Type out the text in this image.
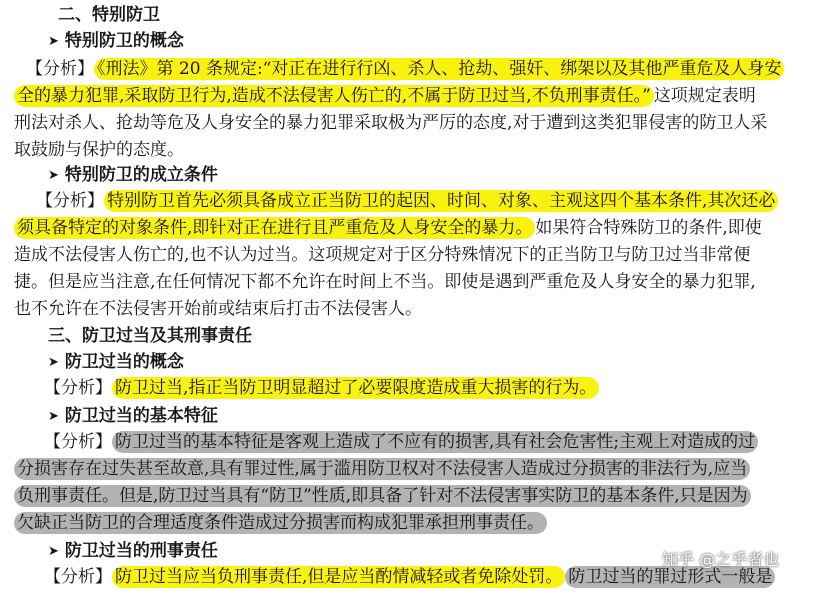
二、特别防卫
➤ 特别防卫的概念
【分析】 《刑法》第 20 条规定:“对正在进行行凶、杀人、抢劫、强奸、绑架以及其他严重危及人身安
全的暴力犯罪,采取防卫行为,造成不法侵害人伤亡的,不属于防卫过当,不负刑事责任。” 这项规定表明
刑法对杀人、抢劫等危及人身安全的暴力犯罪采取极为严厉的态度,对于遭到这类犯罪侵害的防卫人采
取鼓励与保护的态度。
➤ 特别防卫的成立条件
【分析】 特别防卫首先必须具备成立正当防卫的起因、时间、对象、主观这四个基本条件,其次还必
须具备特定的对象条件,即针对正在进行且严重危及人身安全的暴力。 如果符合特殊防卫的条件,即使
造成不法侵害人伤亡的,也不认为过当。这项规定对于区分特殊情况下的正当防卫与防卫过当非常便
捷。但是应当注意,在任何情况下都不允许在时间上不当。即使是遇到严重危及人身安全的暴力犯罪,
也不允许在不法侵害开始前或结束后打击不法侵害人。
三、防卫过当及其刑事责任
➤ 防卫过当的概念
【分析】 防卫过当,指正当防卫明显超过了必要限度造成重大损害的行为。
➤ 防卫过当的基本特征
【分析】 防卫过当的基本特征是客观上造成了不应有的损害,具有社会危害性;主观上对造成的过
分损害存在过失甚至故意,具有罪过性,属于滥用防卫权对不法侵害人造成过分损害的非法行为,应当
负刑事责任。但是,防卫过当具有“防卫”性质,即具备了针对不法侵害事实防卫的基本条件,只是因为
欠缺正当防卫的合理适度条件造成过分损害而构成犯罪承担刑事责任。
➤ 防卫过当的刑事责任
【分析】 防卫过当应当负刑事责任,但是应当酌情减轻或者免除处罚。 防卫过当的罪过形式一般是
知乎 @之乎者也
